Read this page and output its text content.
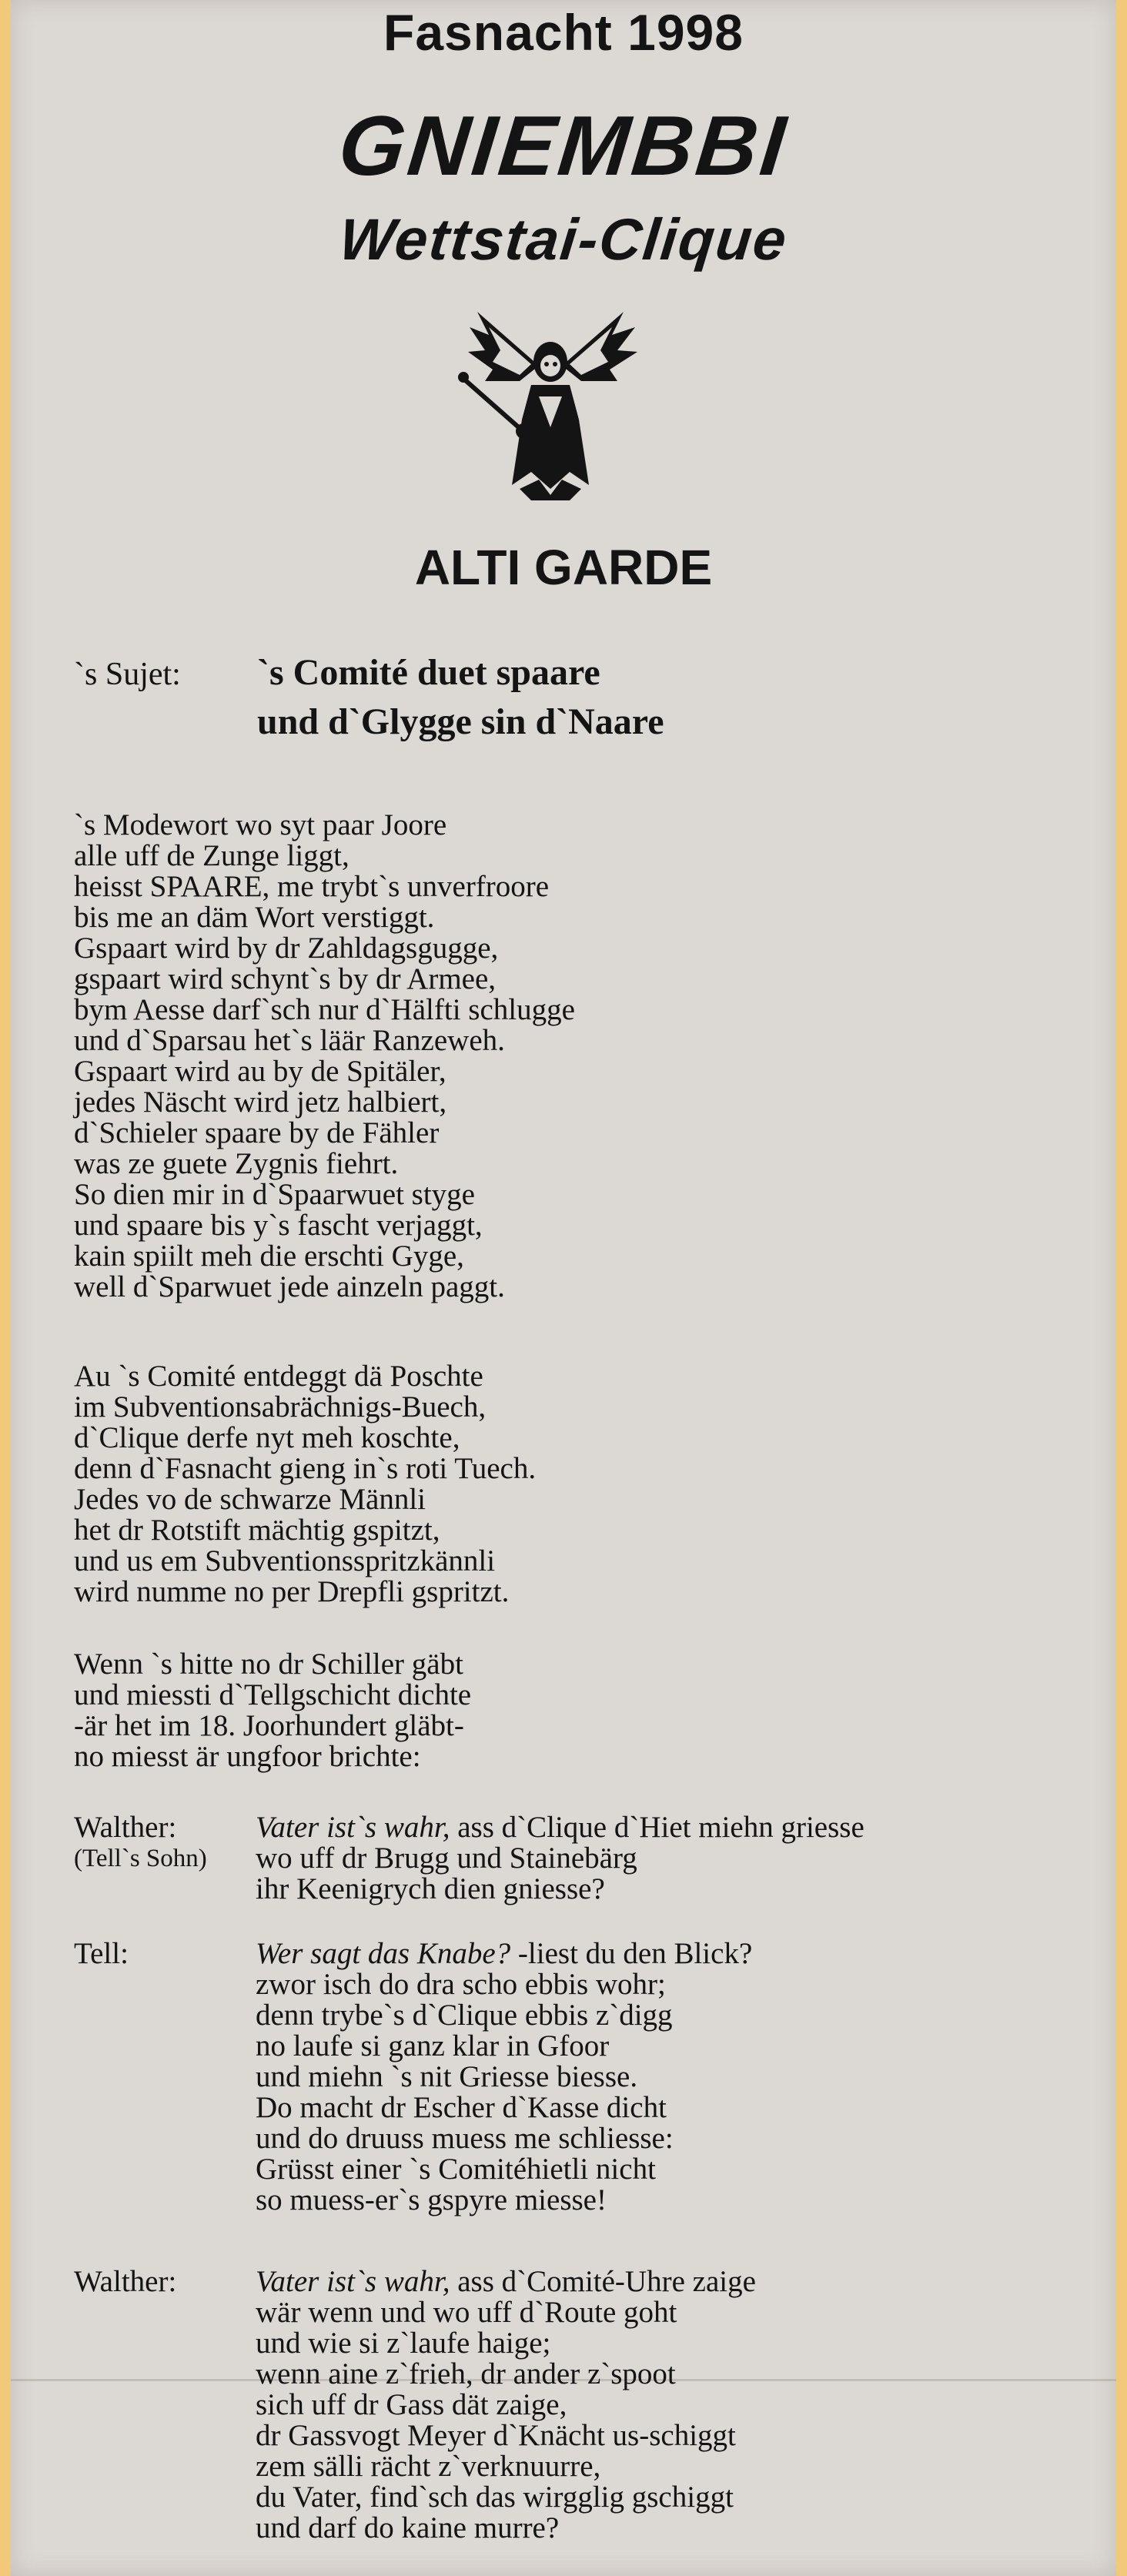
Fasnacht 1998
GNIEMBBI
Wettstai-Clique
ALTI GARDE
`s Sujet: `s Comité duet spaare
und d`Glygge sin d`Naare
`s Modewort wo syt paar Joore
alle uff de Zunge liggt,
heisst SPAARE, me trybt`s unverfroore
bis me an däm Wort verstiggt.
Gspaart wird by dr Zahldagsgugge,
gspaart wird schynt`s by dr Armee,
bym Aesse darf`sch nur d`Hälfti schlugge
und d`Sparsau het`s läär Ranzeweh.
Gspaart wird au by de Spitäler,
jedes Näscht wird jetz halbiert,
d`Schieler spaare by de Fähler
was ze guete Zygnis fiehrt.
So dien mir in d`Spaarwuet styge
und spaare bis y`s fascht verjaggt,
kain spiilt meh die erschti Gyge,
well d`Sparwuet jede ainzeln paggt.
Au `s Comité entdeggt dä Poschte
im Subventionsabrächnigs-Buech,
d`Clique derfe nyt meh koschte,
denn d`Fasnacht gieng in`s roti Tuech.
Jedes vo de schwarze Männli
het dr Rotstift mächtig gspitzt,
und us em Subventionsspritzkännli
wird numme no per Drepfli gspritzt.
Wenn `s hitte no dr Schiller gäbt
und miessti d`Tellgschicht dichte
-är het im 18. Joorhundert gläbt-
no miesst är ungfoor brichte:
Walther:
(Tell`s Sohn)
Vater ist`s wahr, ass d`Clique d`Hiet miehn griesse
wo uff dr Brugg und Stainebärg
ihr Keenigrych dien gniesse?
Tell:	Wer sagt das Knabe? -liest du den Blick?
zwor isch do dra scho ebbis wohr;
denn trybe`s d`Clique ebbis z`digg
no laufe si ganz klar in Gfoor
und miehn `s nit Griesse biesse.
Do macht dr Escher d`Kasse dicht
und do druuss muess me schliesse:
Grüsst einer `s Comitéhietli nicht
so muess-er`s gspyre miesse!
Walther:	Vater ist`s wahr, ass d`Comité-Uhre zaige
wär wenn und wo uff d`Route goht
und wie si z`laufe haige;
wenn aine z`frieh, dr ander z`spoot
sich uff dr Gass dät zaige,
dr Gassvogt Meyer d`Knächt us-schiggt
zem sälli rächt z`verknuurre,
du Vater, find`sch das wirgglig gschiggt
und darf do kaine murre?
